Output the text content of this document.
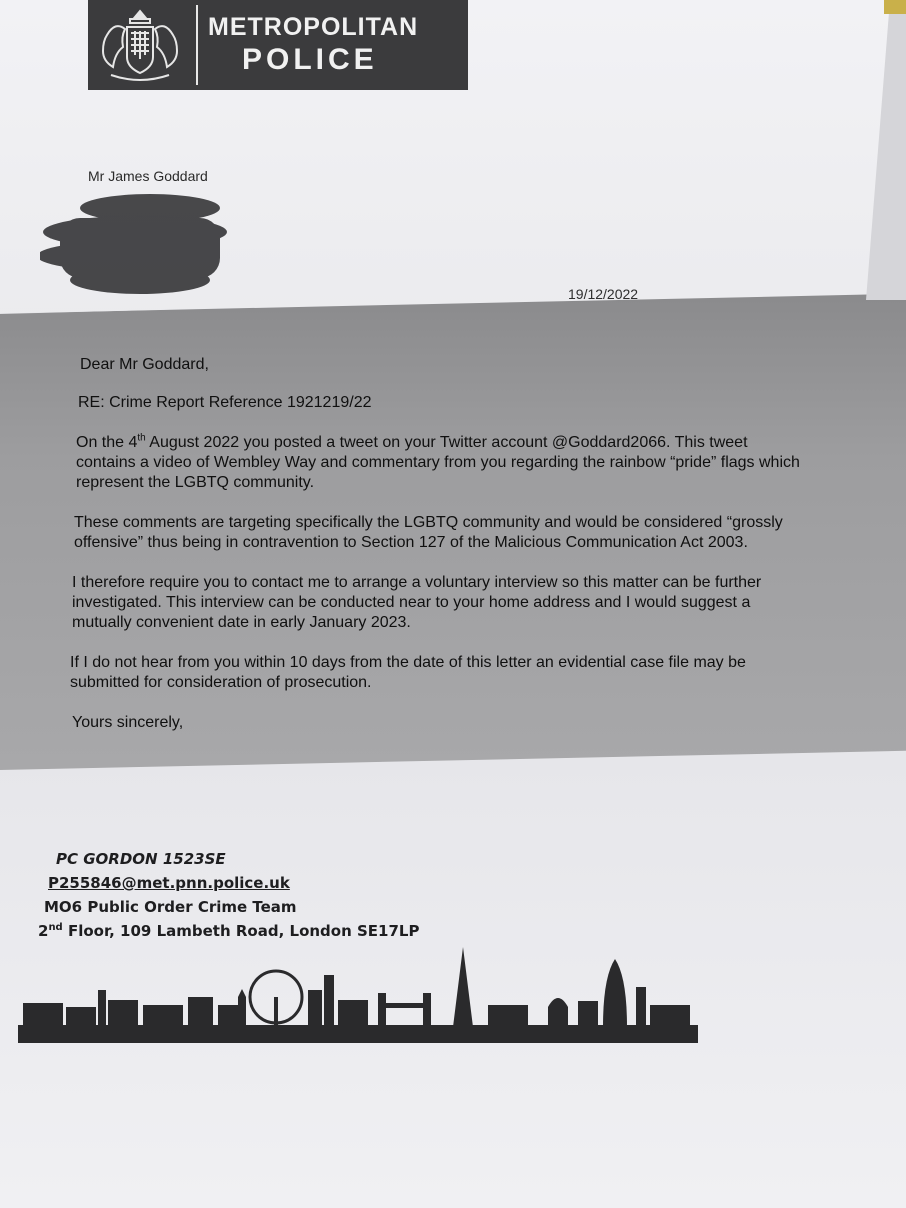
METROPOLITAN
POLICE
Mr James Goddard
19/12/2022

Dear Mr Goddard,

RE: Crime Report Reference 1921219/22

On the 4th August 2022 you posted a tweet on your Twitter account @Goddard2066. This tweet contains a video of Wembley Way and commentary from you regarding the rainbow “pride” flags which represent the LGBTQ community.

These comments are targeting specifically the LGBTQ community and would be considered “grossly offensive” thus being in contravention to Section 127 of the Malicious Communication Act 2003.

I therefore require you to contact me to arrange a voluntary interview so this matter can be further investigated. This interview can be conducted near to your home address and I would suggest a mutually convenient date in early January 2023.

If I do not hear from you within 10 days from the date of this letter an evidential case file may be submitted for consideration of prosecution.

Yours sincerely,

PC GORDON 1523SE
P255846@met.pnn.police.uk
MO6 Public Order Crime Team
2nd Floor, 109 Lambeth Road, London SE17LP
